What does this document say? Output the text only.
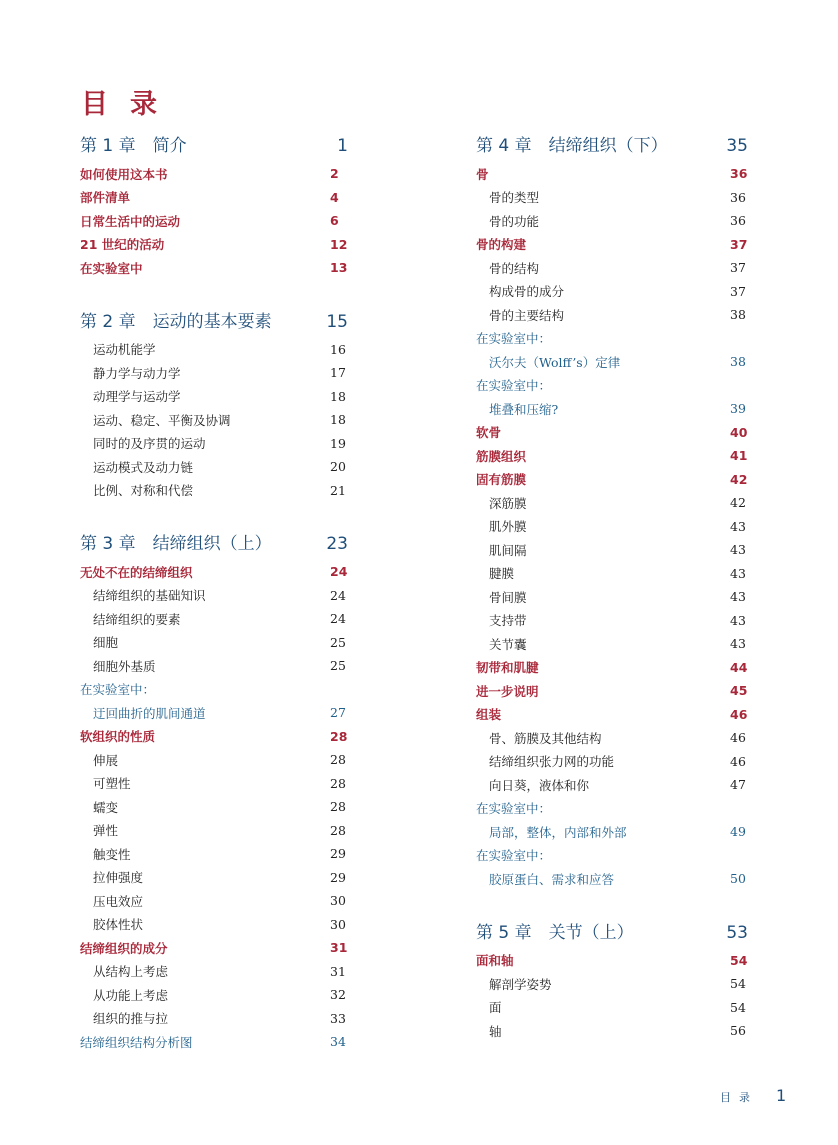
目录
第 1 章　简介	1
如何使用这本书	2
部件清单	4
日常生活中的运动	6
21 世纪的活动	12
在实验室中	13
第 2 章　运动的基本要素	15
运动机能学	16
静力学与动力学	17
动理学与运动学	18
运动、稳定、平衡及协调	18
同时的及序贯的运动	19
运动模式及动力链	20
比例、对称和代偿	21
第 3 章　结缔组织（上）	23
无处不在的结缔组织	24
结缔组织的基础知识	24
结缔组织的要素	24
细胞	25
细胞外基质	25
在实验室中：
迂回曲折的肌间通道	27
软组织的性质	28
伸展	28
可塑性	28
蠕变	28
弹性	28
触变性	29
拉伸强度	29
压电效应	30
胶体性状	30
结缔组织的成分	31
从结构上考虑	31
从功能上考虑	32
组织的推与拉	33
结缔组织结构分析图	34
第 4 章　结缔组织（下）	35
骨	36
骨的类型	36
骨的功能	36
骨的构建	37
骨的结构	37
构成骨的成分	37
骨的主要结构	38
在实验室中：
沃尔夫（Wolff’s）定律	38
在实验室中：
堆叠和压缩?	39
软骨	40
筋膜组织	41
固有筋膜	42
深筋膜	42
肌外膜	43
肌间隔	43
腱膜	43
骨间膜	43
支持带	43
关节囊	43
韧带和肌腱	44
进一步说明	45
组装	46
骨、筋膜及其他结构	46
结缔组织张力网的功能	46
向日葵，液体和你	47
在实验室中：
局部，整体，内部和外部	49
在实验室中：
胶原蛋白、需求和应答	50
第 5 章　关节（上）	53
面和轴	54
解剖学姿势	54
面	54
轴	56
目录 1
